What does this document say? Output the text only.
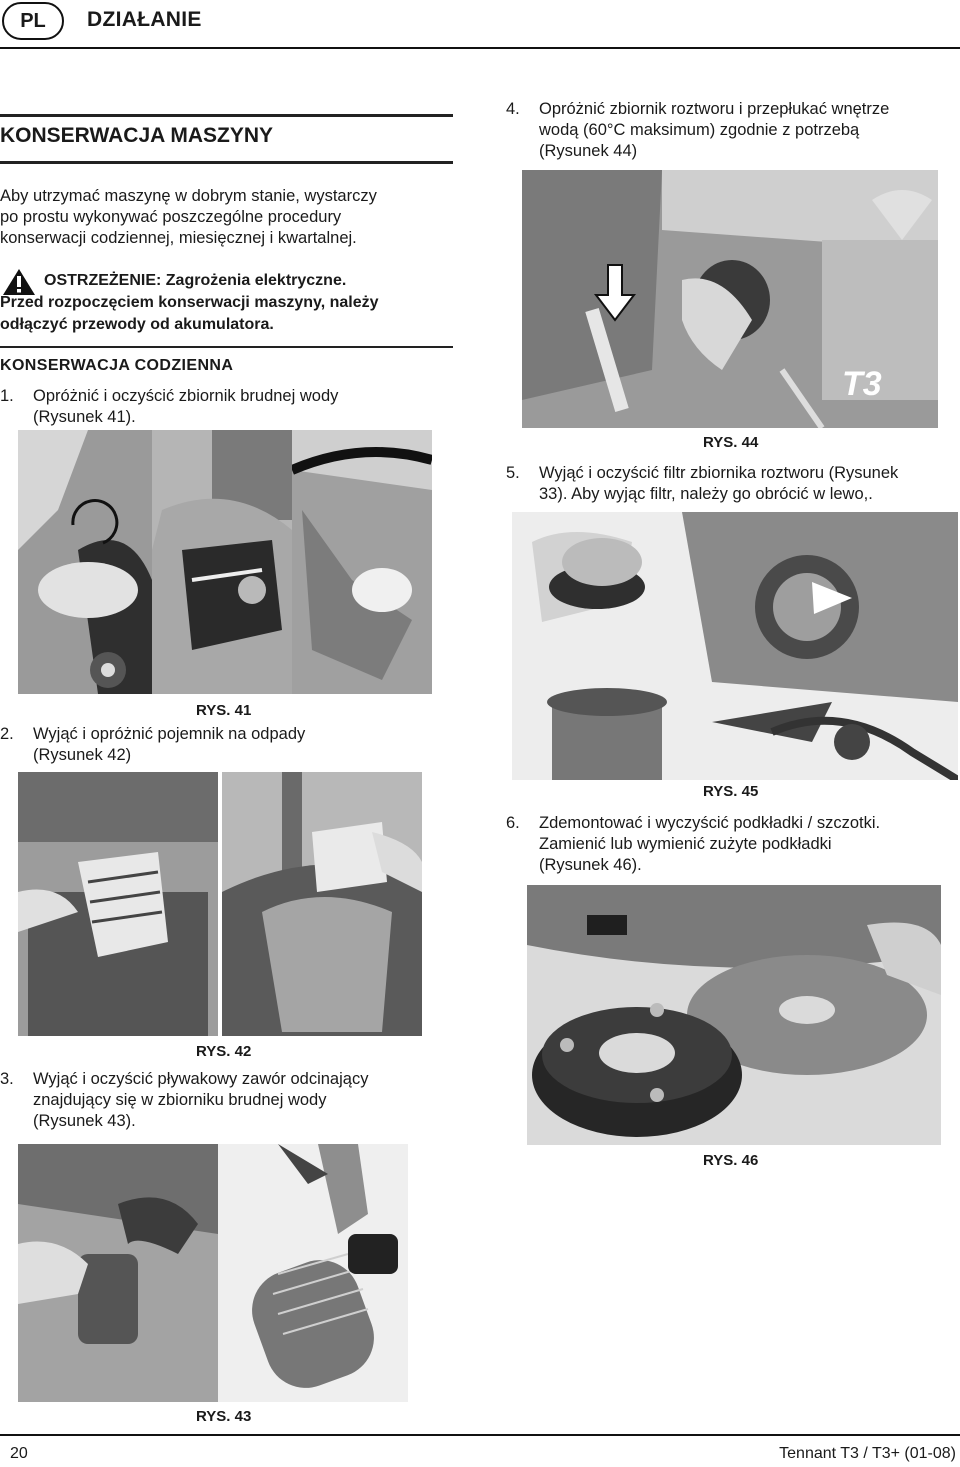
PL	DZIAŁANIE
KONSERWACJA MASZYNY
Aby utrzymać maszynę w dobrym stanie, wystarczy
po prostu wykonywać poszczególne procedury
konserwacji codziennej, miesięcznej i kwartalnej.
OSTRZEŻENIE: Zagrożenia elektryczne.
Przed rozpoczęciem konserwacji maszyny, należy
odłączyć przewody od akumulatora.
KONSERWACJA CODZIENNA
1. Opróżnić i oczyścić zbiornik brudnej wody
(Rysunek 41).
RYS. 41
2. Wyjąć i opróżnić pojemnik na odpady
(Rysunek 42)
RYS. 42
3. Wyjąć i oczyścić pływakowy zawór odcinający
znajdujący się w zbiorniku brudnej wody
(Rysunek 43).
RYS. 43
4. Opróżnić zbiornik roztworu i przepłukać wnętrze
wodą (60°C maksimum) zgodnie z potrzebą
(Rysunek 44)
T3
RYS. 44
5. Wyjąć i oczyścić filtr zbiornika roztworu (Rysunek
33). Aby wyjąc filtr, należy go obrócić w lewo,.
RYS. 45
6. Zdemontować i wyczyścić podkładki / szczotki.
Zamienić lub wymienić zużyte podkładki
(Rysunek 46).
RYS. 46
20	Tennant T3 / T3+ (01-08)
